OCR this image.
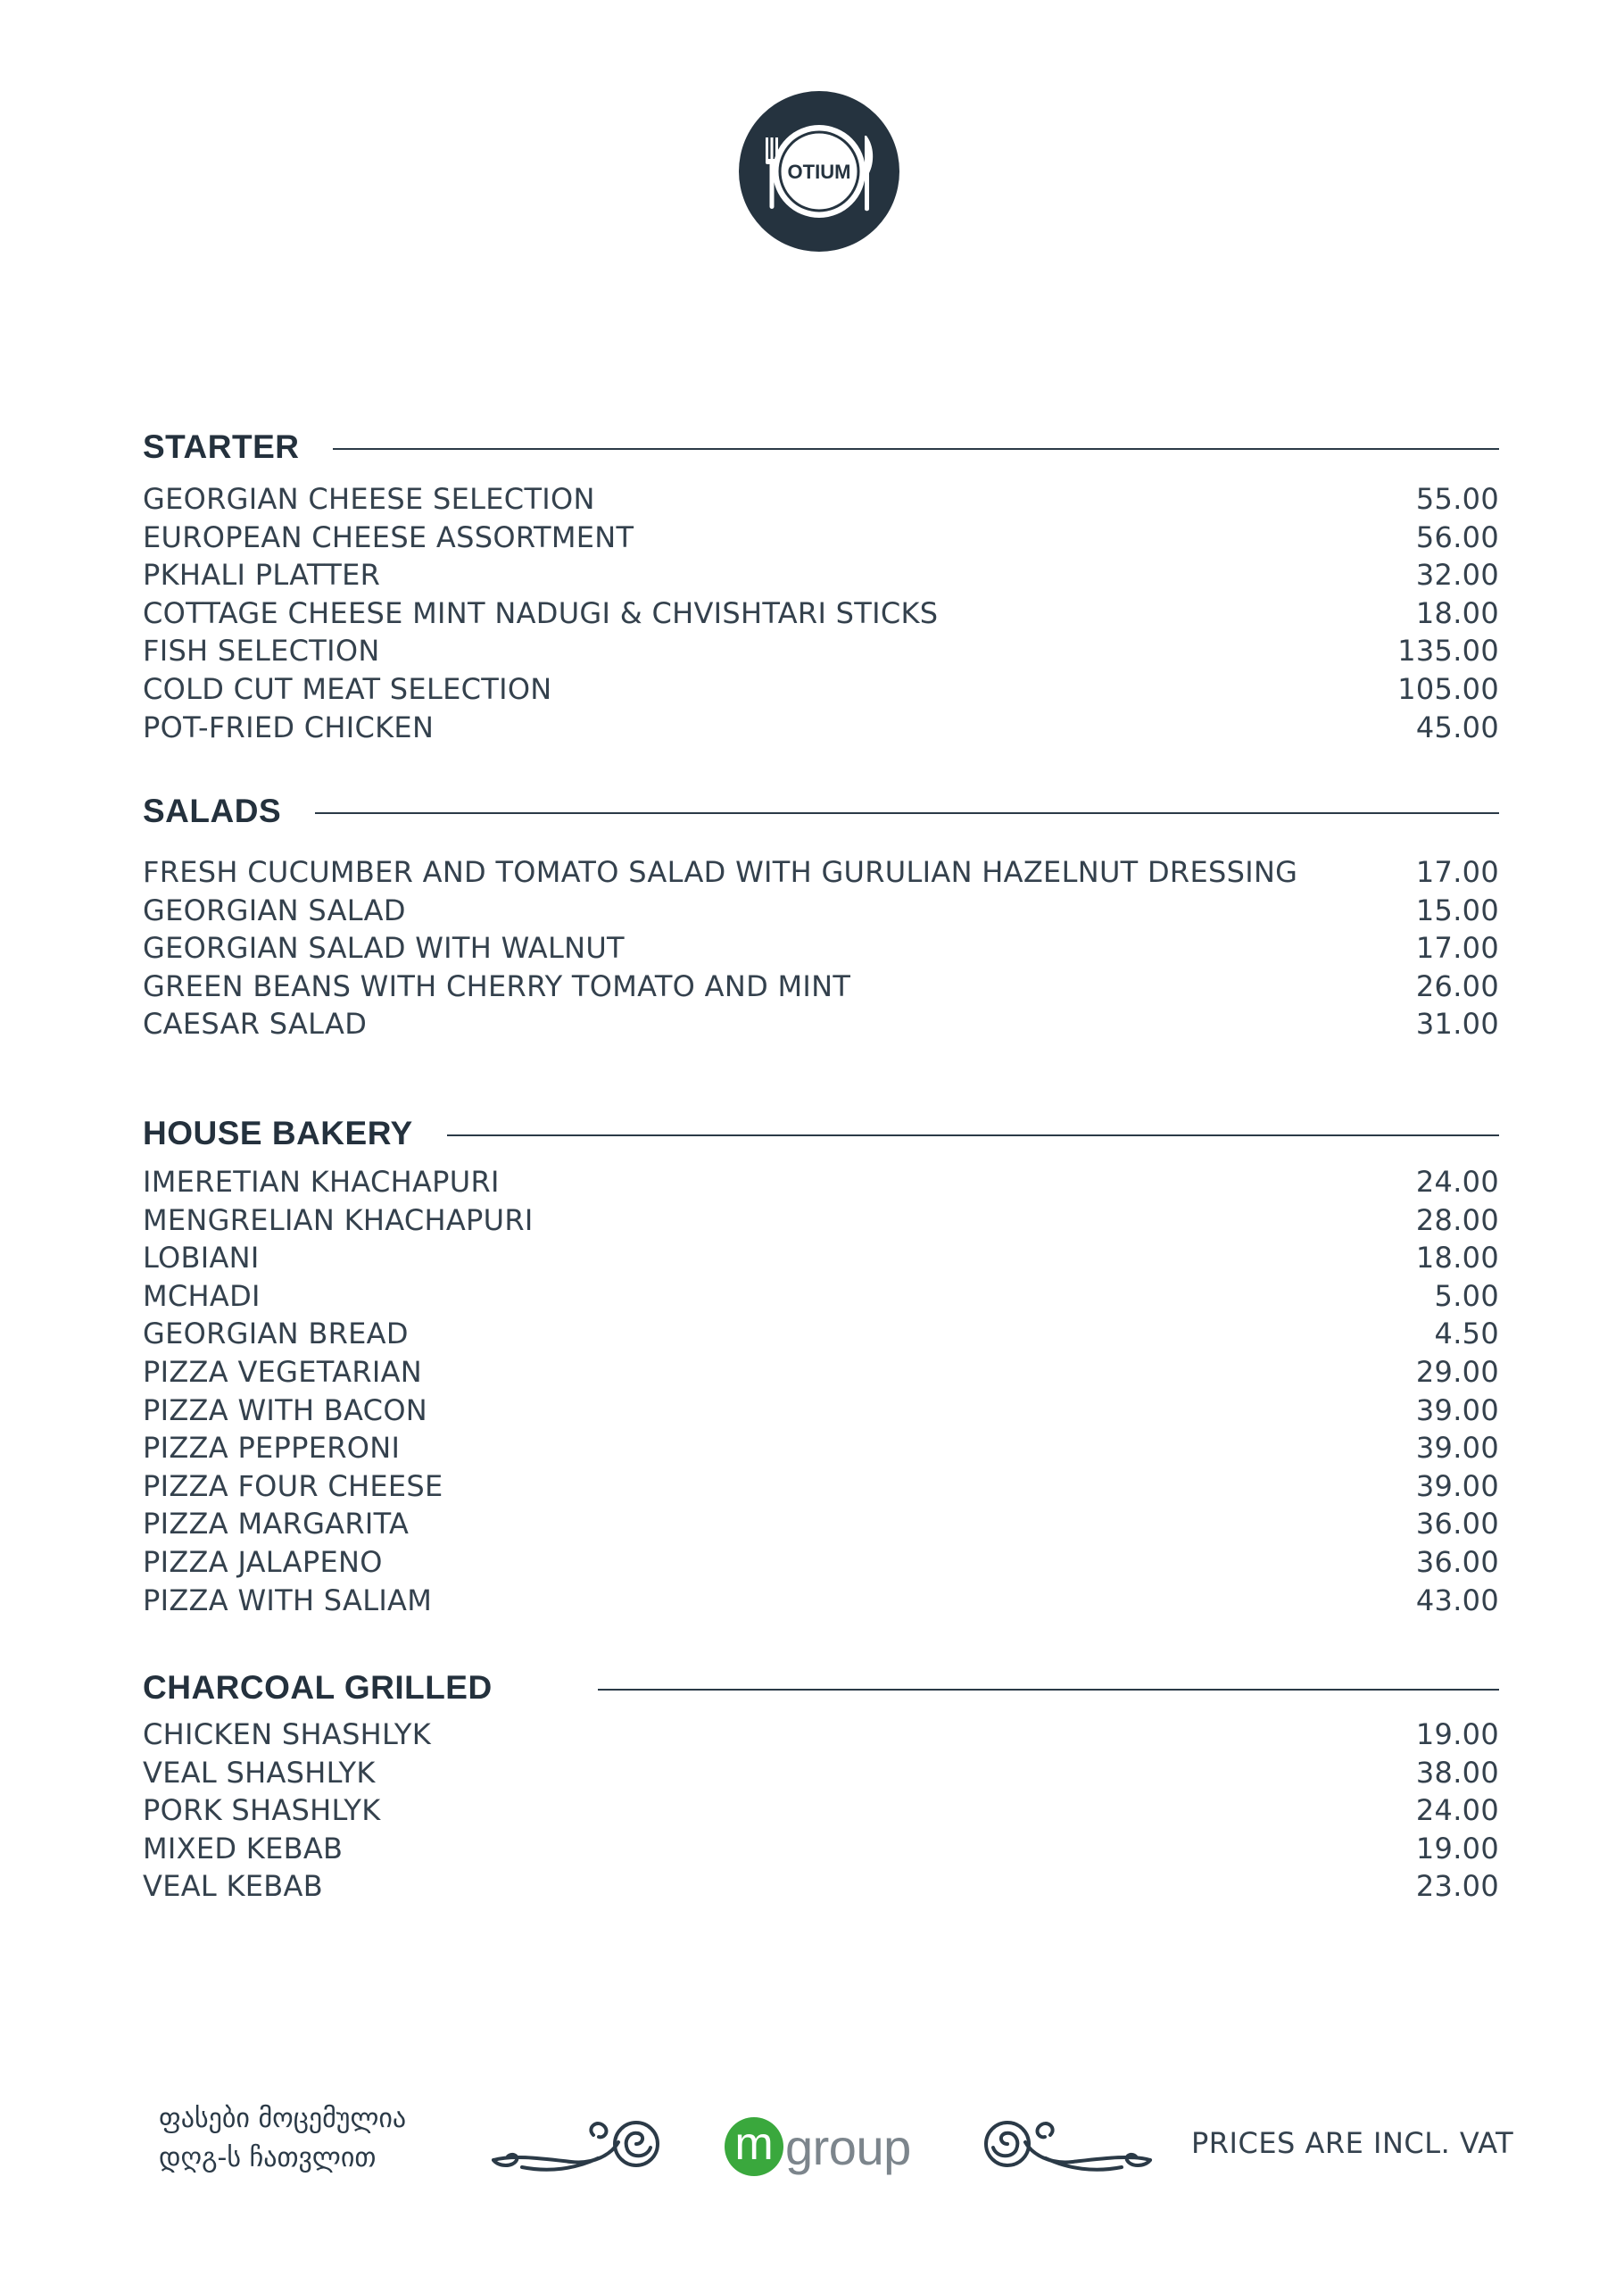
OTIUM
STARTER
GEORGIAN CHEESE SELECTION	55.00
EUROPEAN CHEESE ASSORTMENT	56.00
PKHALI PLATTER	32.00
COTTAGE CHEESE MINT NADUGI & CHVISHTARI STICKS	18.00
FISH SELECTION	135.00
COLD CUT MEAT SELECTION	105.00
POT-FRIED CHICKEN	45.00
SALADS
FRESH CUCUMBER AND TOMATO SALAD WITH GURULIAN HAZELNUT DRESSING	17.00
GEORGIAN SALAD	15.00
GEORGIAN SALAD WITH WALNUT	17.00
GREEN BEANS WITH CHERRY TOMATO AND MINT	26.00
CAESAR SALAD	31.00
HOUSE BAKERY
IMERETIAN KHACHAPURI	24.00
MENGRELIAN KHACHAPURI	28.00
LOBIANI	18.00
MCHADI	5.00
GEORGIAN BREAD	4.50
PIZZA VEGETARIAN	29.00
PIZZA WITH BACON	39.00
PIZZA PEPPERONI	39.00
PIZZA FOUR CHEESE	39.00
PIZZA MARGARITA	36.00
PIZZA JALAPENO	36.00
PIZZA WITH SALIAM	43.00
CHARCOAL GRILLED
CHICKEN SHASHLYK	19.00
VEAL SHASHLYK	38.00
PORK SHASHLYK	24.00
MIXED KEBAB	19.00
VEAL KEBAB	23.00
ფასები მოცემულია
დღგ-ს ჩათვლით	m group	PRICES ARE INCL. VAT
